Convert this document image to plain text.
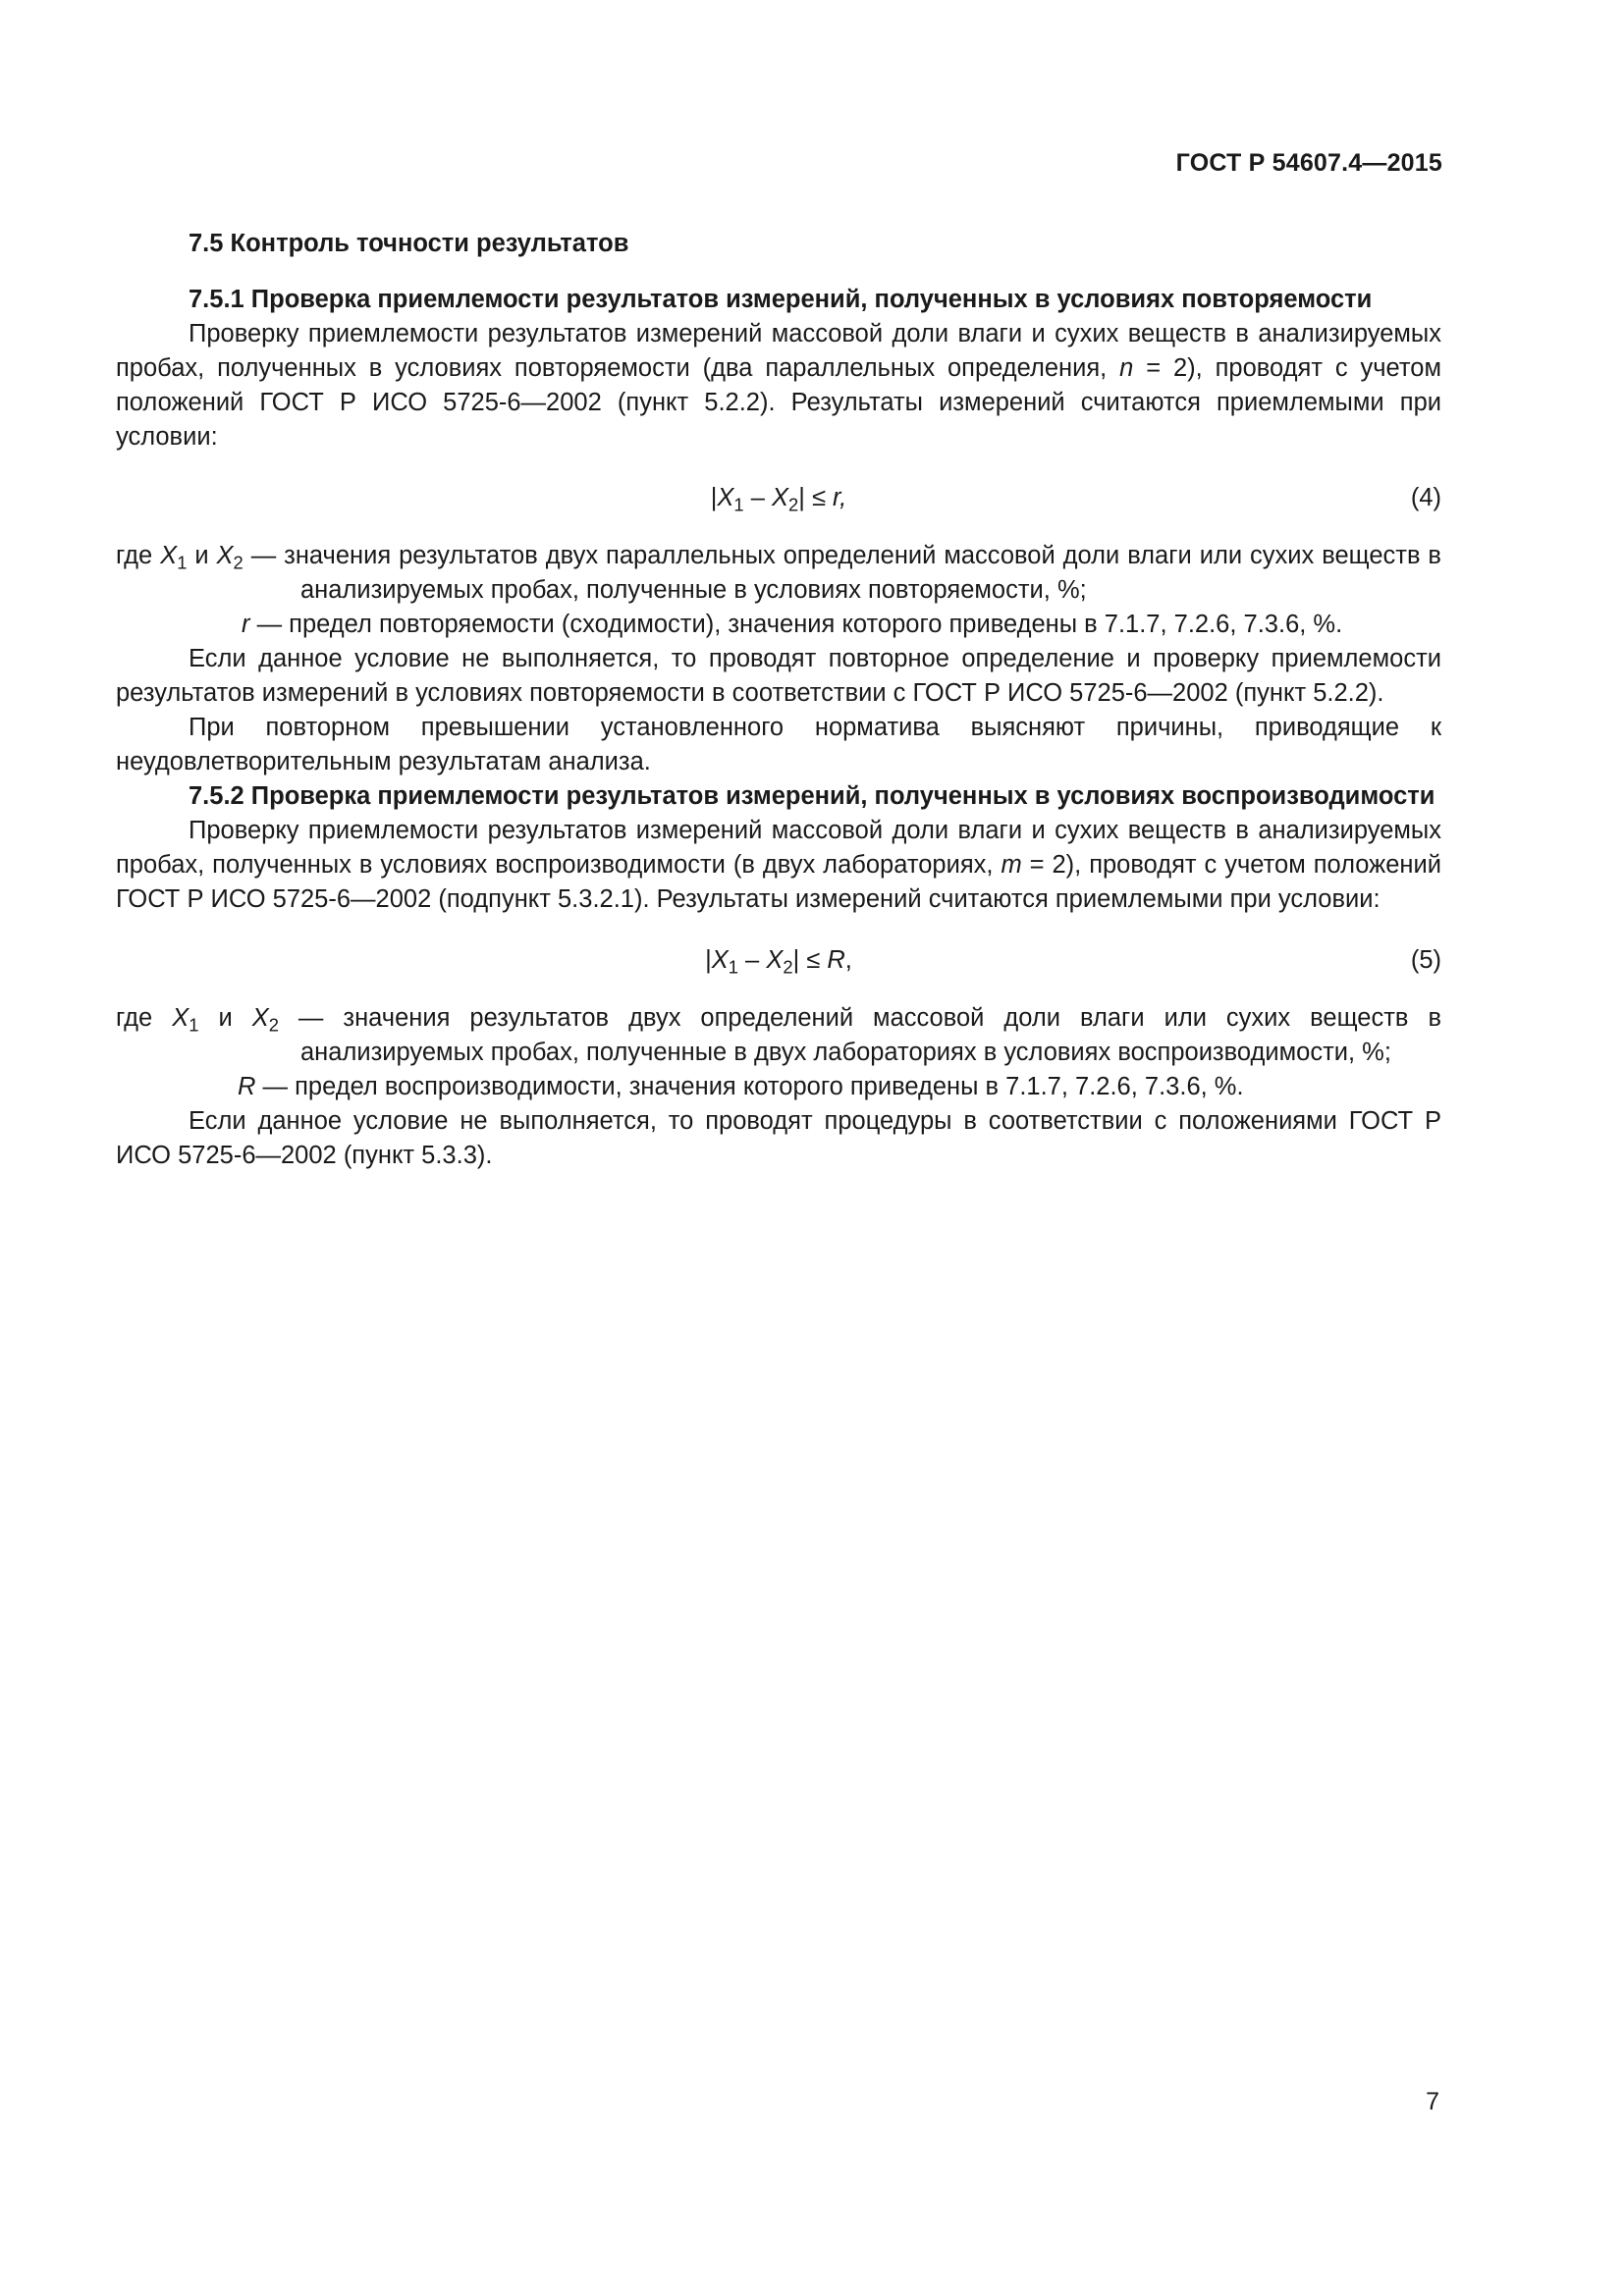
ГОСТ Р 54607.4—2015

7.5 Контроль точности результатов

7.5.1 Проверка приемлемости результатов измерений, полученных в условиях повторяемости

Проверку приемлемости результатов измерений массовой доли влаги и сухих веществ в анализируемых пробах, полученных в условиях повторяемости (два параллельных определения, n = 2), проводят с учетом положений ГОСТ Р ИСО 5725-6—2002 (пункт 5.2.2). Результаты измерений считаются приемлемыми при условии:

$|X_1 - X_2| \le r$,	(4)

где $X_1$ и $X_2$ — значения результатов двух параллельных определений массовой доли влаги или сухих веществ в анализируемых пробах, полученные в условиях повторяемости, %;

r — предел повторяемости (сходимости), значения которого приведены в 7.1.7, 7.2.6, 7.3.6, %.

Если данное условие не выполняется, то проводят повторное определение и проверку приемлемости результатов измерений в условиях повторяемости в соответствии с ГОСТ Р ИСО 5725-6—2002 (пункт 5.2.2).

При повторном превышении установленного норматива выясняют причины, приводящие к неудовлетворительным результатам анализа.

7.5.2 Проверка приемлемости результатов измерений, полученных в условиях воспроизводимости

Проверку приемлемости результатов измерений массовой доли влаги и сухих веществ в анализируемых пробах, полученных в условиях воспроизводимости (в двух лабораториях, m = 2), проводят с учетом положений ГОСТ Р ИСО 5725-6—2002 (подпункт 5.3.2.1). Результаты измерений считаются приемлемыми при условии:

$|X_1 - X_2| \le R$,	(5)

где $X_1$ и $X_2$ — значения результатов двух определений массовой доли влаги или сухих веществ в анализируемых пробах, полученные в двух лабораториях в условиях воспроизводимости, %;

R — предел воспроизводимости, значения которого приведены в 7.1.7, 7.2.6, 7.3.6, %.

Если данное условие не выполняется, то проводят процедуры в соответствии с положениями ГОСТ Р ИСО 5725-6—2002 (пункт 5.3.3).

7
